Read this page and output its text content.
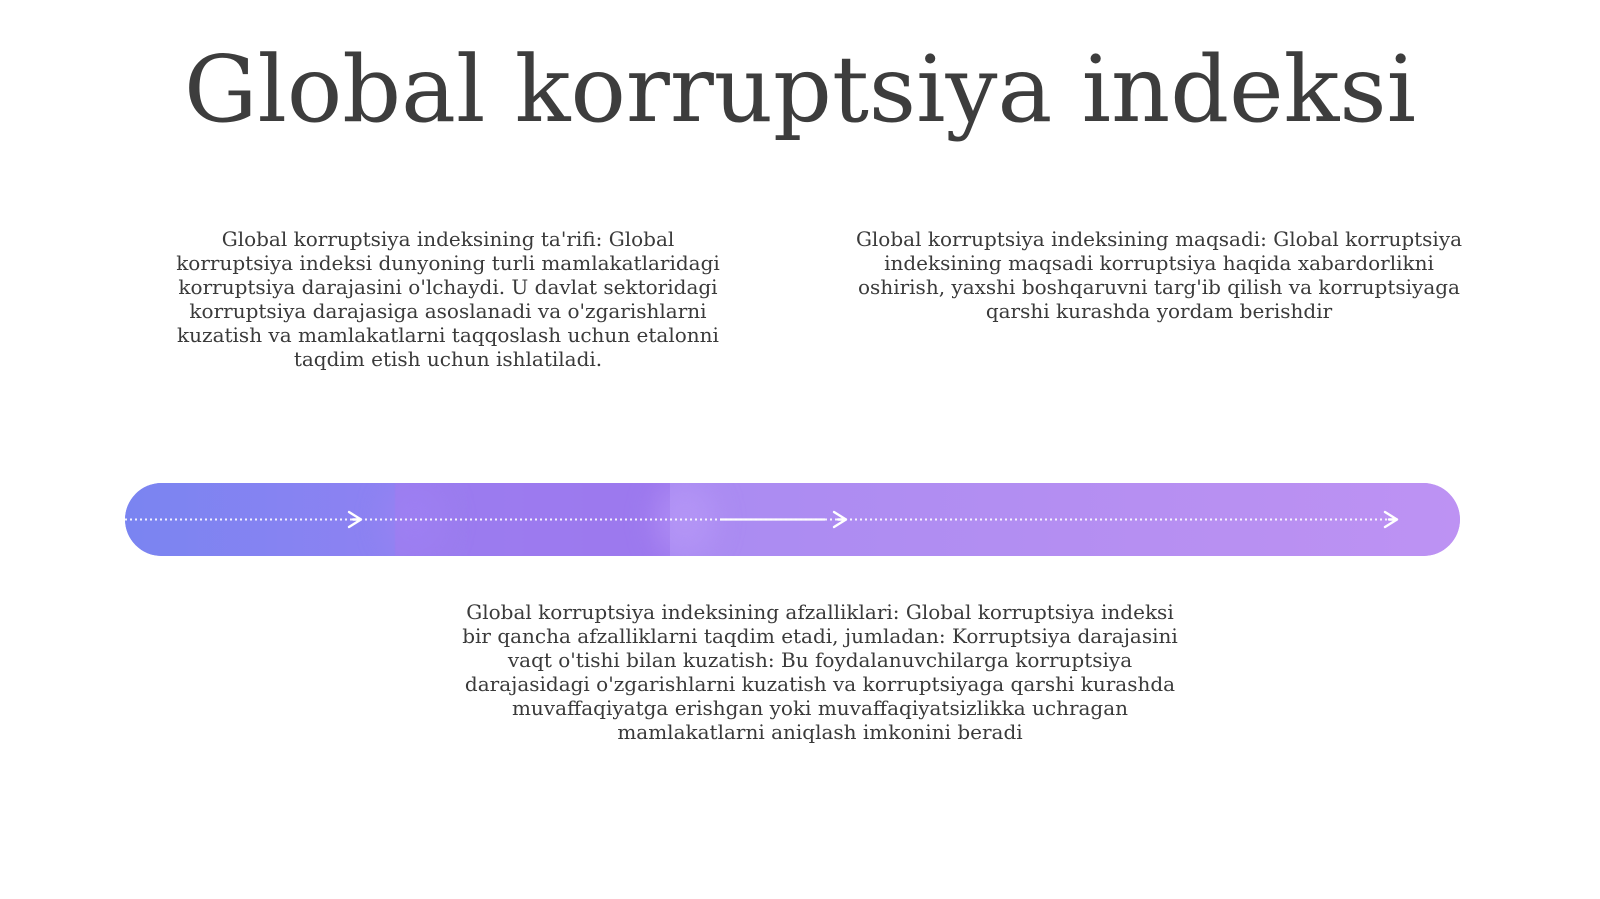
Global korruptsiya indeksi

Global korruptsiya indeksining ta'rifi: Global korruptsiya indeksi dunyoning turli mamlakatlaridagi korruptsiya darajasini o'lchaydi. U davlat sektoridagi korruptsiya darajasiga asoslanadi va o'zgarishlarni kuzatish va mamlakatlarni taqqoslash uchun etalonni taqdim etish uchun ishlatiladi.

Global korruptsiya indeksining maqsadi: Global korruptsiya indeksining maqsadi korruptsiya haqida xabardorlikni oshirish, yaxshi boshqaruvni targ'ib qilish va korruptsiyaga qarshi kurashda yordam berishdir

Global korruptsiya indeksining afzalliklari: Global korruptsiya indeksi bir qancha afzalliklarni taqdim etadi, jumladan: Korruptsiya darajasini vaqt o'tishi bilan kuzatish: Bu foydalanuvchilarga korruptsiya darajasidagi o'zgarishlarni kuzatish va korruptsiyaga qarshi kurashda muvaffaqiyatga erishgan yoki muvaffaqiyatsizlikka uchragan mamlakatlarni aniqlash imkonini beradi
